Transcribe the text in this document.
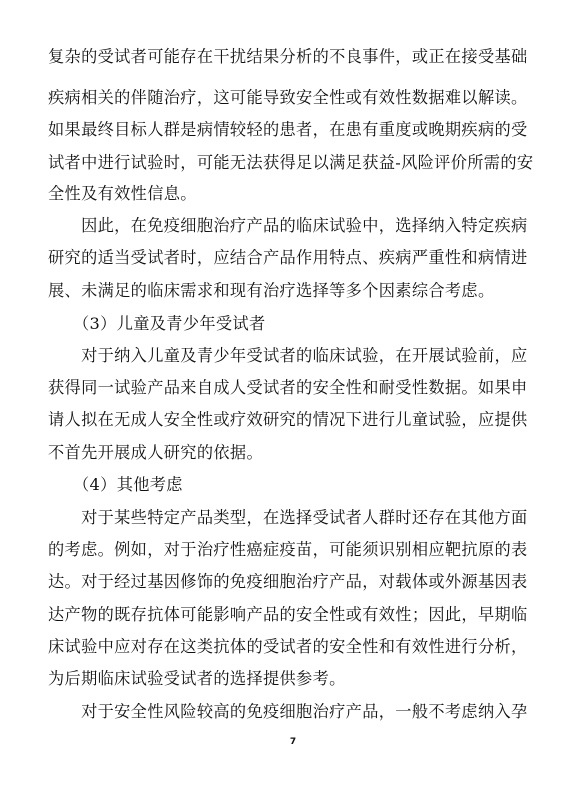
复杂的受试者可能存在干扰结果分析的不良事件，或正在接受基础
疾病相关的伴随治疗，这可能导致安全性或有效性数据难以解读。
如果最终目标人群是病情较轻的患者，在患有重度或晚期疾病的受
试者中进行试验时，可能无法获得足以满足获益-风险评价所需的安
全性及有效性信息。
　　因此，在免疫细胞治疗产品的临床试验中，选择纳入特定疾病
研究的适当受试者时，应结合产品作用特点、疾病严重性和病情进
展、未满足的临床需求和现有治疗选择等多个因素综合考虑。
　　（3）儿童及青少年受试者
　　对于纳入儿童及青少年受试者的临床试验，在开展试验前，应
获得同一试验产品来自成人受试者的安全性和耐受性数据。如果申
请人拟在无成人安全性或疗效研究的情况下进行儿童试验，应提供
不首先开展成人研究的依据。
　　（4）其他考虑
　　对于某些特定产品类型，在选择受试者人群时还存在其他方面
的考虑。例如，对于治疗性癌症疫苗，可能须识别相应靶抗原的表
达。对于经过基因修饰的免疫细胞治疗产品，对载体或外源基因表
达产物的既存抗体可能影响产品的安全性或有效性；因此，早期临
床试验中应对存在这类抗体的受试者的安全性和有效性进行分析，
为后期临床试验受试者的选择提供参考。
　　对于安全性风险较高的免疫细胞治疗产品，一般不考虑纳入孕
7
